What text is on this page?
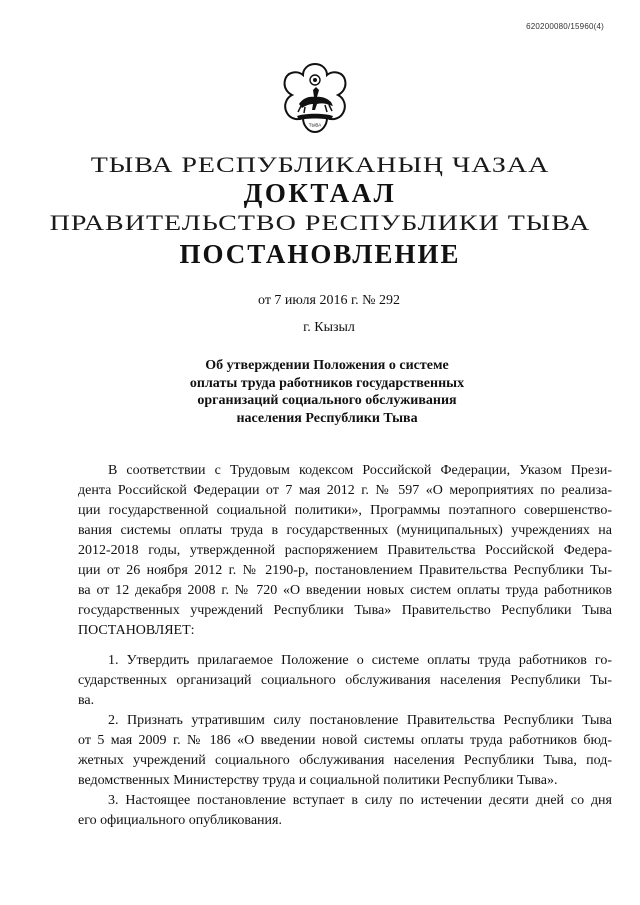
620200080/15960(4)
ТЫВА
ТЫВА РЕСПУБЛИКАНЫҢ ЧАЗАА
ДОКТААЛ
ПРАВИТЕЛЬСТВО РЕСПУБЛИКИ ТЫВА
ПОСТАНОВЛЕНИЕ
от 7 июля 2016 г. № 292
г. Кызыл
Об утверждении Положения о системе
оплаты труда работников государственных
организаций социального обслуживания
населения Республики Тыва
В соответствии с Трудовым кодексом Российской Федерации, Указом Прези-
дента Российской Федерации от 7 мая 2012 г. № 597 «О мероприятиях по реализа-
ции государственной социальной политики», Программы поэтапного совершенство-
вания системы оплаты труда в государственных (муниципальных) учреждениях на
2012-2018 годы, утвержденной распоряжением Правительства Российской Федера-
ции от 26 ноября 2012 г. № 2190-р, постановлением Правительства Республики Ты-
ва от 12 декабря 2008 г. № 720 «О введении новых систем оплаты труда работников
государственных учреждений Республики Тыва» Правительство Республики Тыва
ПОСТАНОВЛЯЕТ:
1. Утвердить прилагаемое Положение о системе оплаты труда работников го-
сударственных организаций социального обслуживания населения Республики Ты-
ва.
2. Признать утратившим силу постановление Правительства Республики Тыва
от 5 мая 2009 г. № 186 «О введении новой системы оплаты труда работников бюд-
жетных учреждений социального обслуживания населения Республики Тыва, под-
ведомственных Министерству труда и социальной политики Республики Тыва».
3. Настоящее постановление вступает в силу по истечении десяти дней со дня
его официального опубликования.
